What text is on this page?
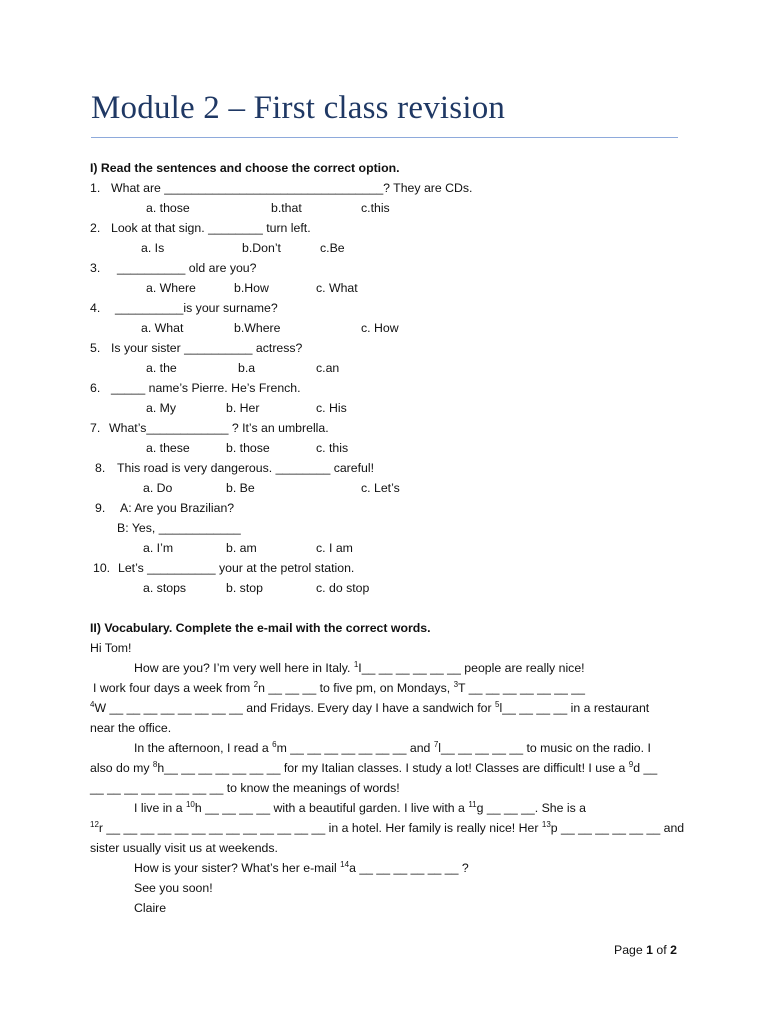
Module 2 – First class revision
I) Read the sentences and choose the correct option.
1. What are ________________________________? They are CDs.
a. those	b.that	c.this
2. Look at that sign. ________ turn left.
a. Is	b.Don’t	c.Be
3. __________ old are you?
a. Where	b.How	c. What
4. __________is your surname?
a. What	b.Where	c. How
5. Is your sister __________ actress?
a. the	b.a	c.an
6. _____ name’s Pierre. He’s French.
a. My	b. Her	c. His
7. What’s____________ ? It’s an umbrella.
a. these	b. those	c. this
8. This road is very dangerous. ________ careful!
a. Do	b. Be	c. Let’s
9. A: Are you Brazilian?
B: Yes, ____________
a. I’m	b. am	c. I am
10. Let’s __________ your at the petrol station.
a. stops	b. stop	c. do stop
II) Vocabulary. Complete the e-mail with the correct words.
Hi Tom!
How are you? I’m very well here in Italy. $^1$I__ __ __ __ __ __ people are really nice!
I work four days a week from $^2$n __ __ __ to five pm, on Mondays, $^3$T __ __ __ __ __ __ __
$^4$W __ __ __ __ __ __ __ __ and Fridays. Every day I have a sandwich for $^5$l__ __ __ __ in a restaurant
near the office.
In the afternoon, I read a $^6$m __ __ __ __ __ __ __ and $^7$l__ __ __ __ __ to music on the radio. I
also do my $^8$h__ __ __ __ __ __ __ for my Italian classes. I study a lot! Classes are difficult! I use a $^9$d __
__ __ __ __ __ __ __ __ to know the meanings of words!
I live in a $^{10}$h __ __ __ __ with a beautiful garden. I live with a $^{11}$g __ __ __. She is a
$^{12}$r __ __ __ __ __ __ __ __ __ __ __ __ __ in a hotel. Her family is really nice! Her $^{13}$p __ __ __ __ __ __ and
sister usually visit us at weekends.
How is your sister? What’s her e-mail $^{14}$a __ __ __ __ __ __ ?
See you soon!
Claire
Page 1 of 2
